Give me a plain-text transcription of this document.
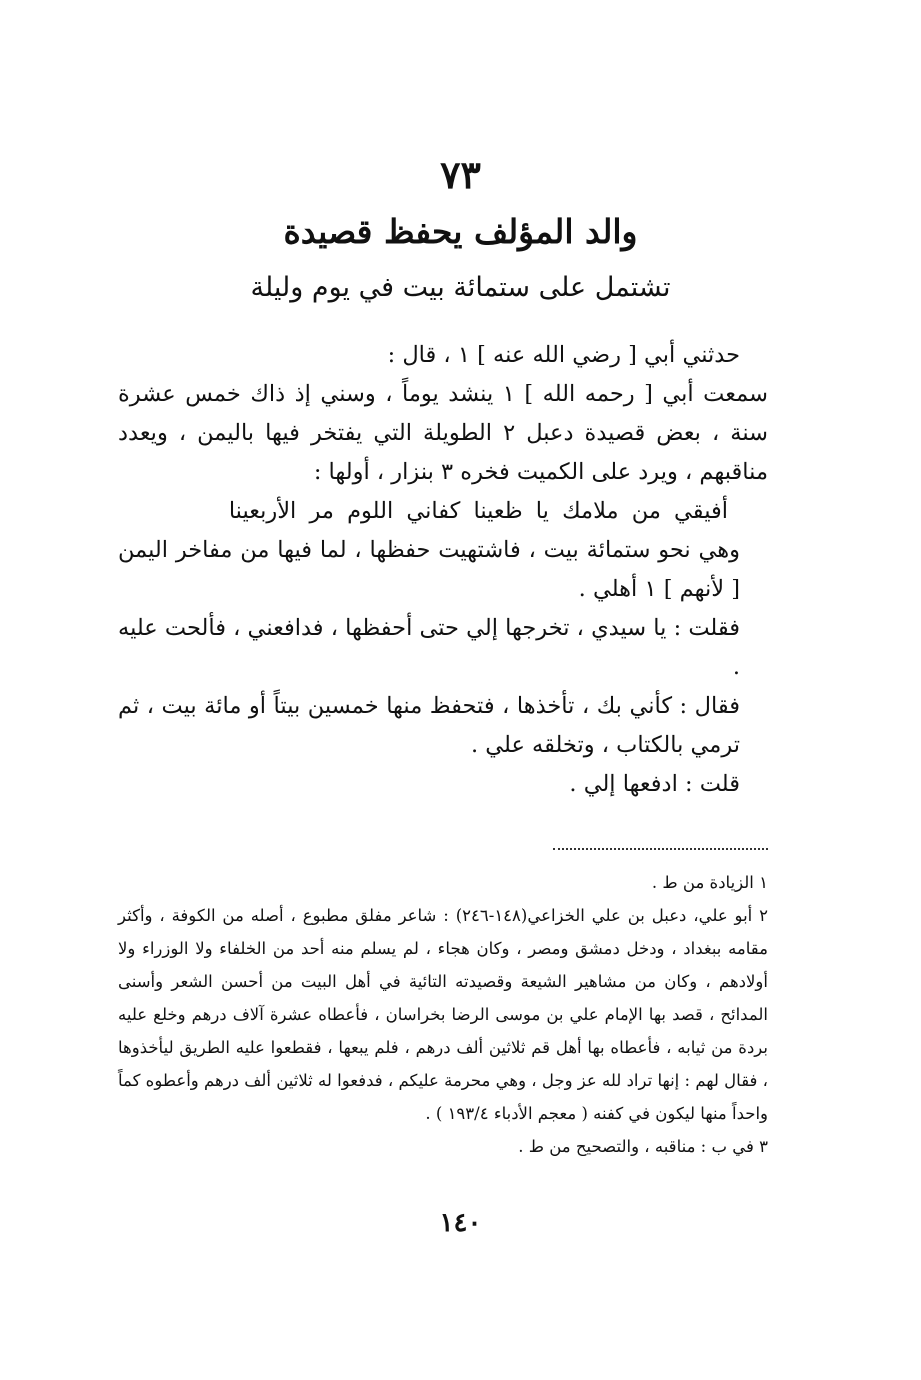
٧٣
والد المؤلف يحفظ قصيدة
تشتمل على ستمائة بيت في يوم وليلة

حدثني أبي [ رضي الله عنه ] ١ ، قال :

سمعت أبي [ رحمه الله ] ١ ينشد يوماً ، وسني إذ ذاك خمس عشرة سنة ، بعض قصيدة دعبل ٢ الطويلة التي يفتخر فيها باليمن ، ويعدد مناقبهم ، ويرد على الكميت فخره ٣ بنزار ، أولها :

أفيقي من ملامك يا ظعينا كفاني اللوم مر الأربعينا

وهي نحو ستمائة بيت ، فاشتهيت حفظها ، لما فيها من مفاخر اليمن [ لأنهم ] ١ أهلي .

فقلت : يا سيدي ، تخرجها إلي حتى أحفظها ، فدافعني ، فألحت عليه .

فقال : كأني بك ، تأخذها ، فتحفظ منها خمسين بيتاً أو مائة بيت ، ثم ترمي بالكتاب ، وتخلقه علي .

قلت : ادفعها إلي .

١ الزيادة من ط .

٢ أبو علي، دعبل بن علي الخزاعي(١٤٨-٢٤٦) : شاعر مفلق مطبوع ، أصله من الكوفة ، وأكثر مقامه ببغداد ، ودخل دمشق ومصر ، وكان هجاء ، لم يسلم منه أحد من الخلفاء ولا الوزراء ولا أولادهم ، وكان من مشاهير الشيعة وقصيدته التائية في أهل البيت من أحسن الشعر وأسنى المدائح ، قصد بها الإمام علي بن موسى الرضا بخراسان ، فأعطاه عشرة آلاف درهم وخلع عليه بردة من ثيابه ، فأعطاه بها أهل قم ثلاثين ألف درهم ، فلم يبعها ، فقطعوا عليه الطريق ليأخذوها ، فقال لهم : إنها تراد لله عز وجل ، وهي محرمة عليكم ، فدفعوا له ثلاثين ألف درهم وأعطوه كماً واحداً منها ليكون في كفنه ( معجم الأدباء ١٩٣/٤ ) .

٣ في ب : مناقبه ، والتصحيح من ط .

١٤٠
